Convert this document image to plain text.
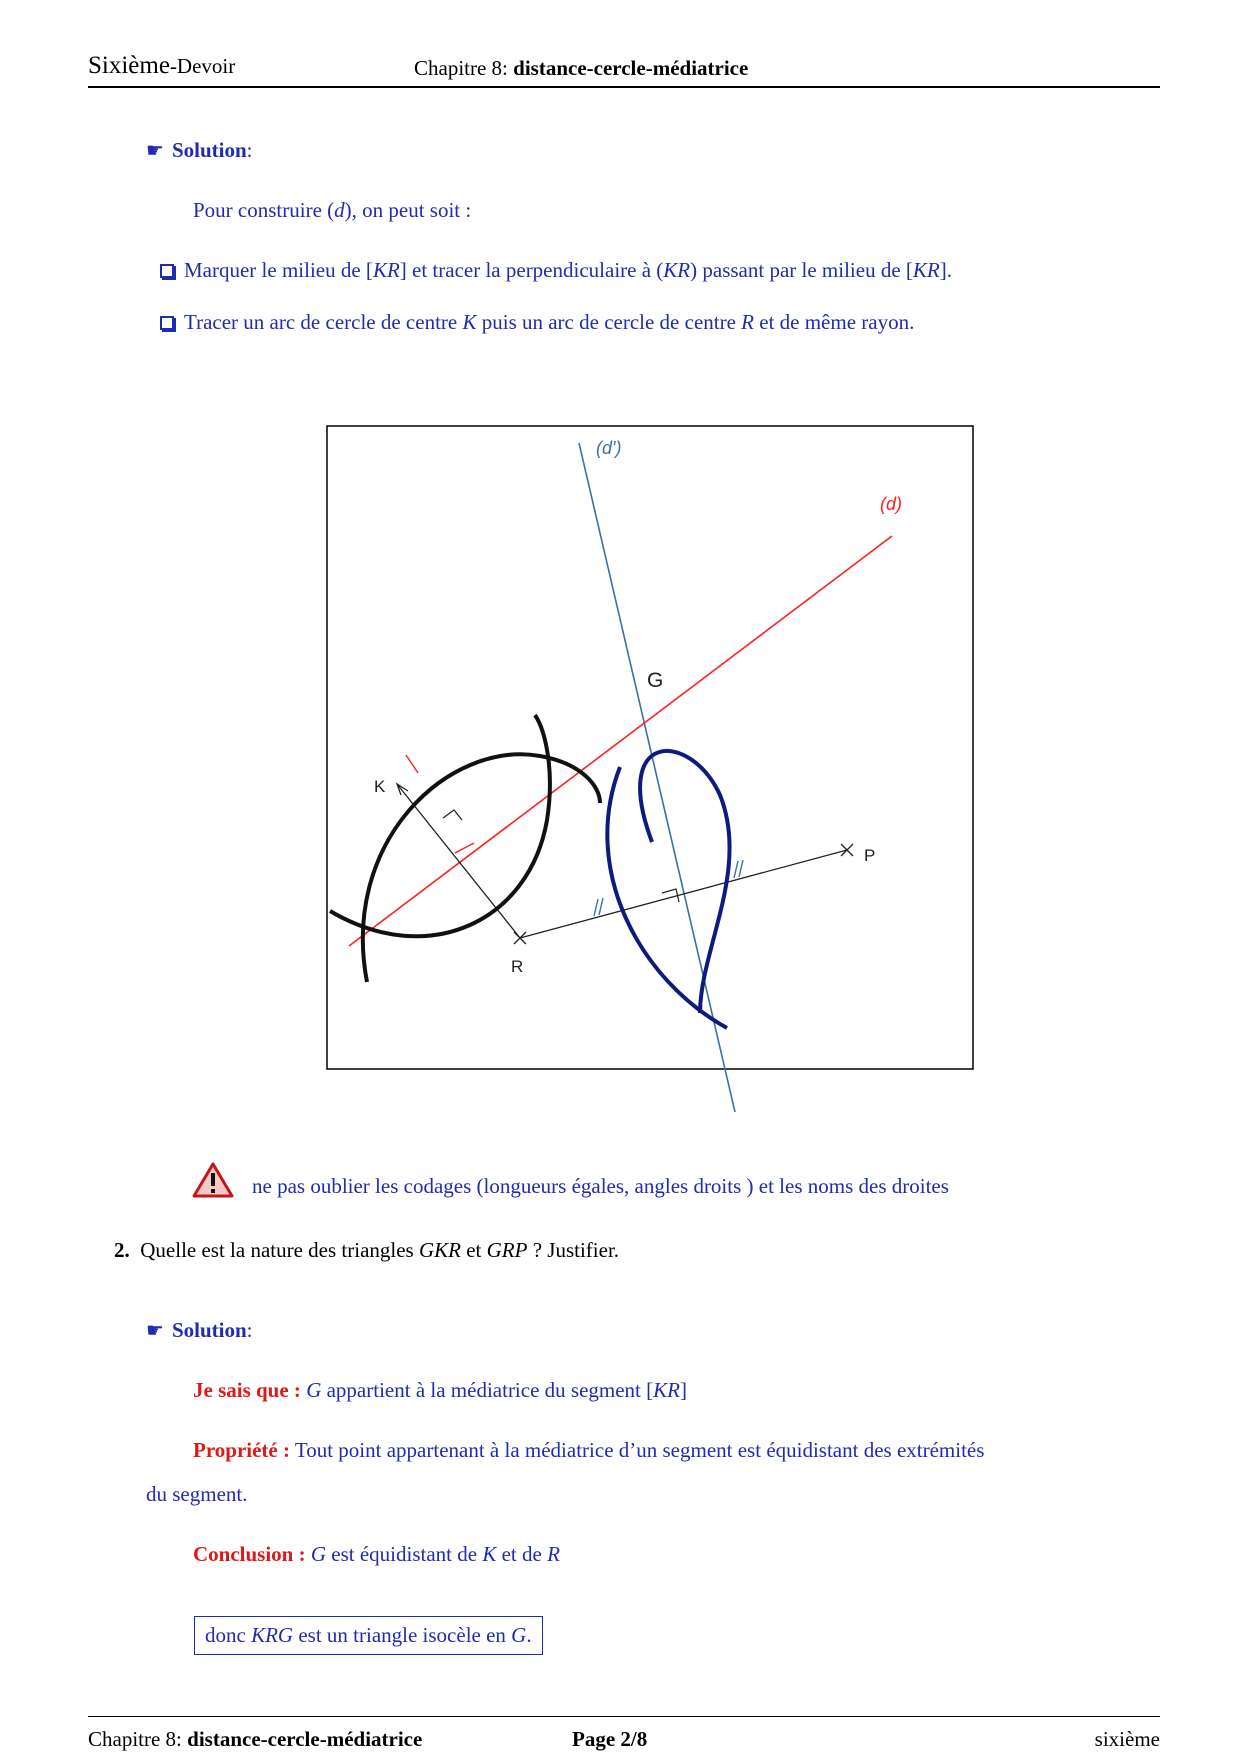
Sixième-Devoir	Chapitre 8: distance-cercle-médiatrice
☛ Solution:
Pour construire (d), on peut soit :
Marquer le milieu de [KR] et tracer la perpendiculaire à (KR) passant par le milieu de [KR].
Tracer un arc de cercle de centre K puis un arc de cercle de centre R et de même rayon.
(d')
(d)
G
K
R
P
ne pas oublier les codages (longueurs égales, angles droits ) et les noms des droites
2. Quelle est la nature des triangles GKR et GRP ? Justifier.
☛ Solution:
Je sais que : G appartient à la médiatrice du segment [KR]
Propriété : Tout point appartenant à la médiatrice d’un segment est équidistant des extrémités
du segment.
Conclusion : G est équidistant de K et de R
donc KRG est un triangle isocèle en G.
Chapitre 8: distance-cercle-médiatrice	Page 2/8	sixième
